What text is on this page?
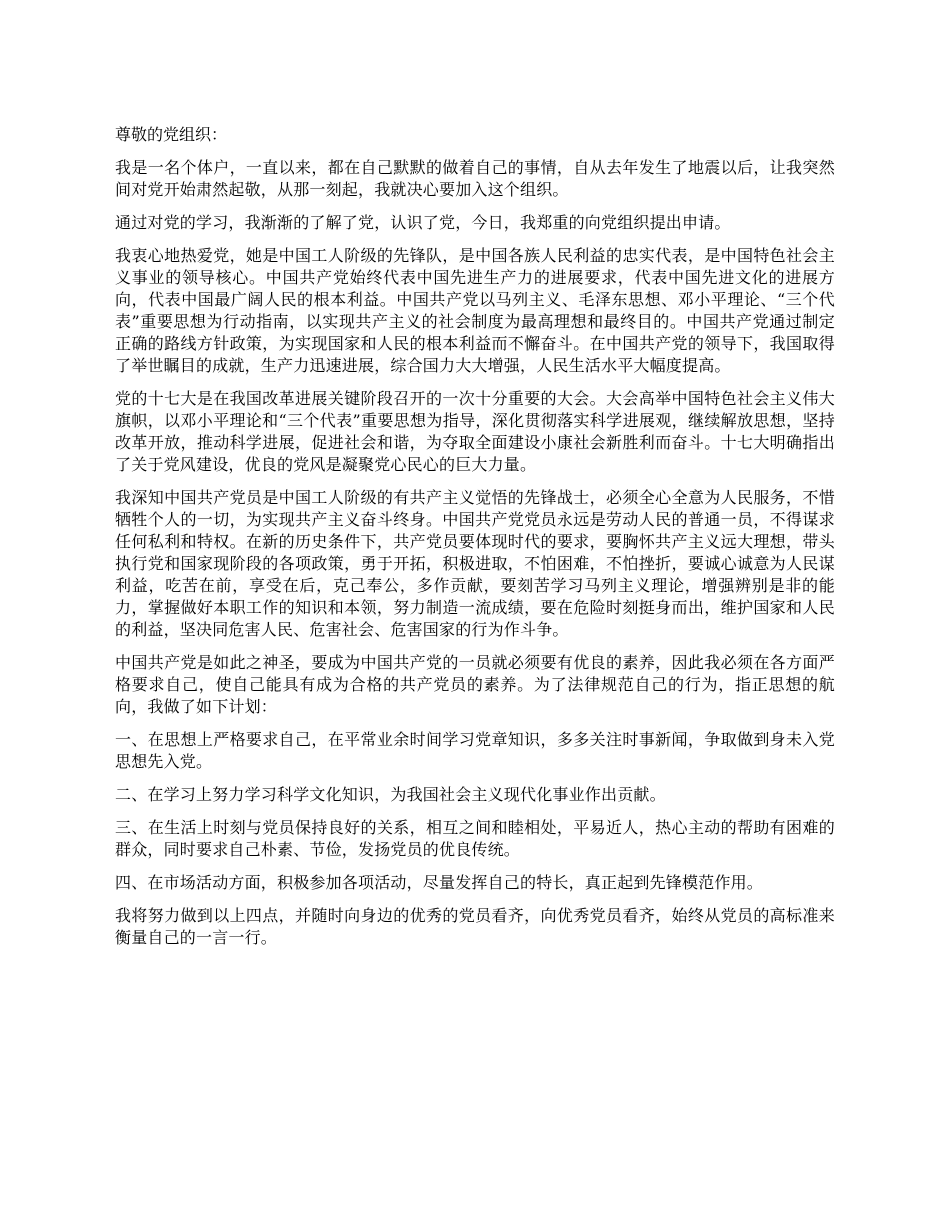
尊敬的党组织：

我是一名个体户，一直以来，都在自己默默的做着自己的事情，自从去年发生了地震以后，让我突然间对党开始肃然起敬，从那一刻起，我就决心要加入这个组织。

通过对党的学习，我渐渐的了解了党，认识了党，今日，我郑重的向党组织提出申请。

我衷心地热爱党，她是中国工人阶级的先锋队，是中国各族人民利益的忠实代表，是中国特色社会主义事业的领导核心。中国共产党始终代表中国先进生产力的进展要求，代表中国先进文化的进展方向，代表中国最广阔人民的根本利益。中国共产党以马列主义、毛泽东思想、邓小平理论、“三个代表”重要思想为行动指南，以实现共产主义的社会制度为最高理想和最终目的。中国共产党通过制定正确的路线方针政策，为实现国家和人民的根本利益而不懈奋斗。在中国共产党的领导下，我国取得了举世瞩目的成就，生产力迅速进展，综合国力大大增强，人民生活水平大幅度提高。

党的十七大是在我国改革进展关键阶段召开的一次十分重要的大会。大会高举中国特色社会主义伟大旗帜，以邓小平理论和“三个代表”重要思想为指导，深化贯彻落实科学进展观，继续解放思想，坚持改革开放，推动科学进展，促进社会和谐，为夺取全面建设小康社会新胜利而奋斗。十七大明确指出了关于党风建设，优良的党风是凝聚党心民心的巨大力量。

我深知中国共产党员是中国工人阶级的有共产主义觉悟的先锋战士，必须全心全意为人民服务，不惜牺牲个人的一切，为实现共产主义奋斗终身。中国共产党党员永远是劳动人民的普通一员，不得谋求任何私利和特权。在新的历史条件下，共产党员要体现时代的要求，要胸怀共产主义远大理想，带头执行党和国家现阶段的各项政策，勇于开拓，积极进取，不怕困难，不怕挫折，要诚心诚意为人民谋利益，吃苦在前，享受在后，克己奉公，多作贡献，要刻苦学习马列主义理论，增强辨别是非的能力，掌握做好本职工作的知识和本领，努力制造一流成绩，要在危险时刻挺身而出，维护国家和人民的利益，坚决同危害人民、危害社会、危害国家的行为作斗争。

中国共产党是如此之神圣，要成为中国共产党的一员就必须要有优良的素养，因此我必须在各方面严格要求自己，使自己能具有成为合格的共产党员的素养。为了法律规范自己的行为，指正思想的航向，我做了如下计划：

一、在思想上严格要求自己，在平常业余时间学习党章知识，多多关注时事新闻，争取做到身未入党思想先入党。

二、在学习上努力学习科学文化知识，为我国社会主义现代化事业作出贡献。

三、在生活上时刻与党员保持良好的关系，相互之间和睦相处，平易近人，热心主动的帮助有困难的群众，同时要求自己朴素、节俭，发扬党员的优良传统。

四、在市场活动方面，积极参加各项活动，尽量发挥自己的特长，真正起到先锋模范作用。

我将努力做到以上四点，并随时向身边的优秀的党员看齐，向优秀党员看齐，始终从党员的高标准来衡量自己的一言一行。
